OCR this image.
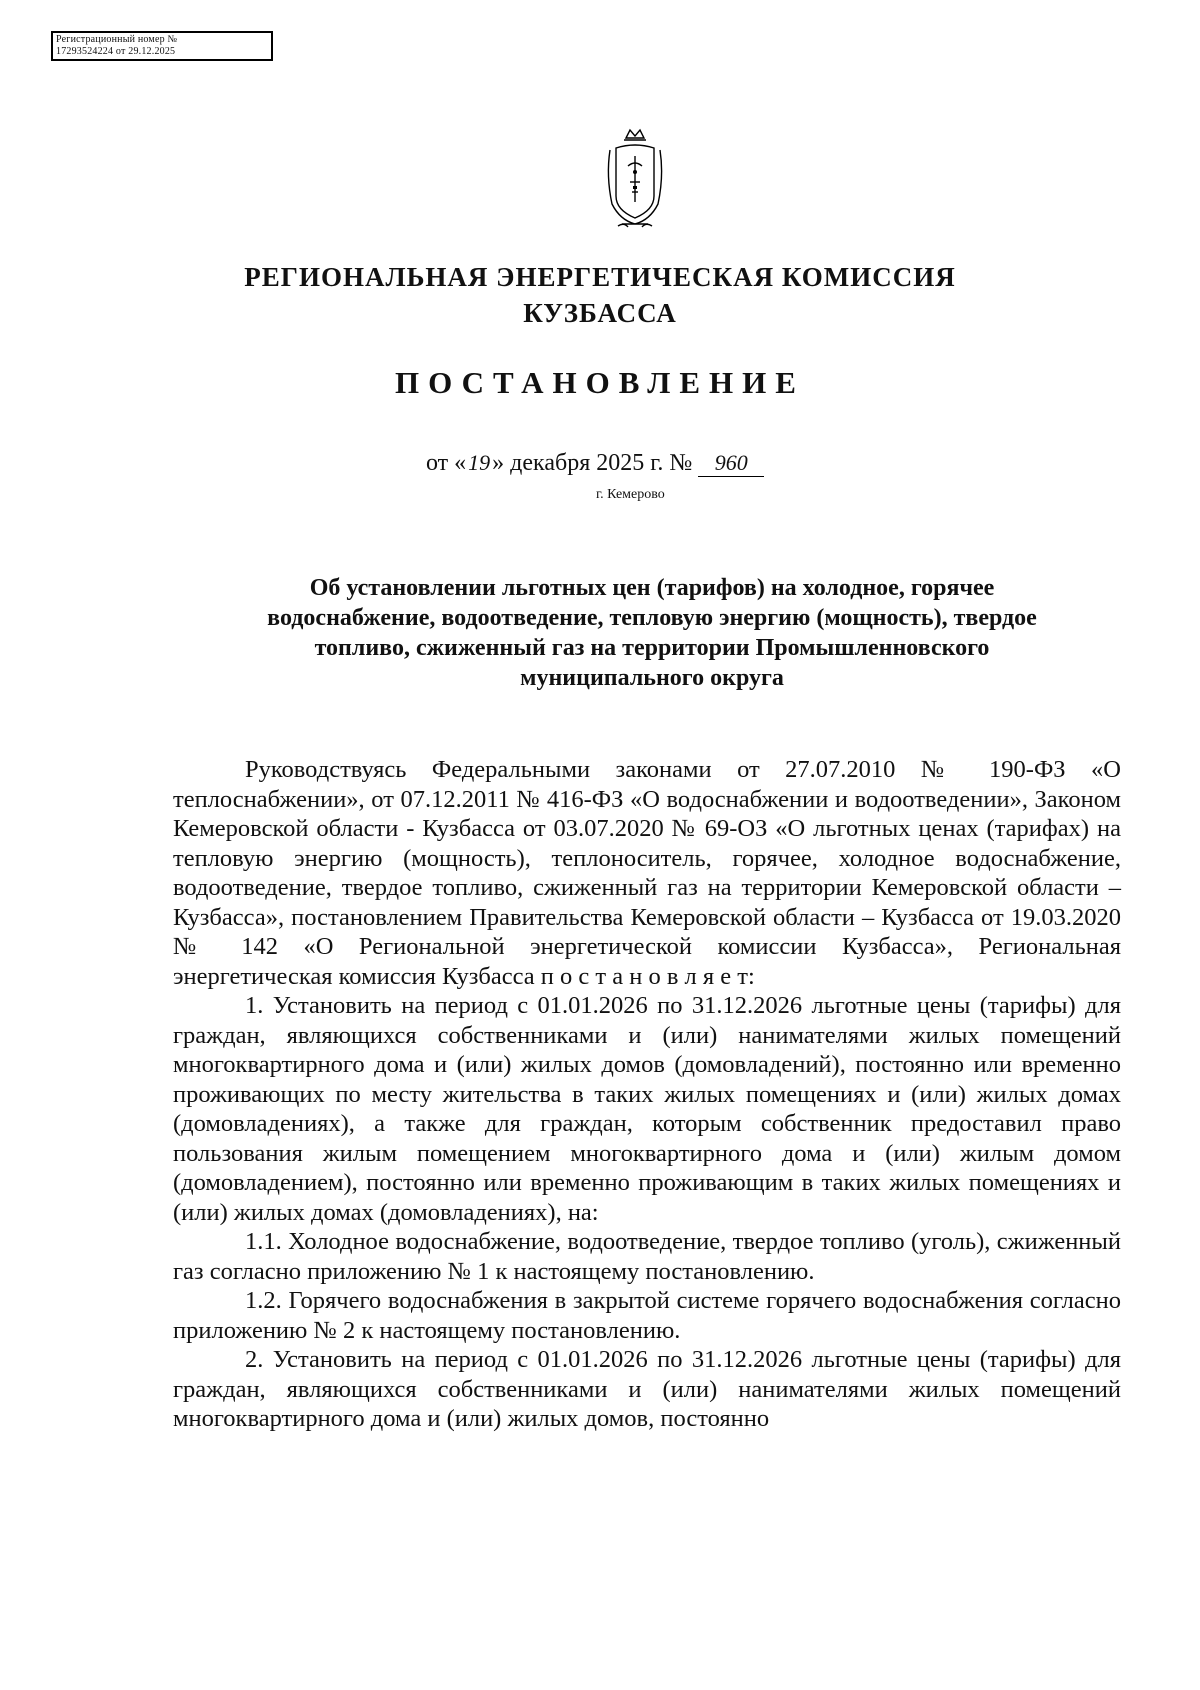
Регистрационный номер №
17293524224 от 29.12.2025
РЕГИОНАЛЬНАЯ ЭНЕРГЕТИЧЕСКАЯ КОМИССИЯ
КУЗБАССА
ПОСТАНОВЛЕНИЕ
от «19» декабря 2025 г. № 960
г. Кемерово
Об установлении льготных цен (тарифов) на холодное, горячее
водоснабжение, водоотведение, тепловую энергию (мощность), твердое
топливо, сжиженный газ на территории Промышленновского
муниципального округа

Руководствуясь Федеральными законами от 27.07.2010 № 190-ФЗ «О теплоснабжении», от 07.12.2011 № 416-ФЗ «О водоснабжении и водоотведении», Законом Кемеровской области - Кузбасса от 03.07.2020 № 69-ОЗ «О льготных ценах (тарифах) на тепловую энергию (мощность), теплоноситель, горячее, холодное водоснабжение, водоотведение, твердое топливо, сжиженный газ на территории Кемеровской области – Кузбасса», постановлением Правительства Кемеровской области – Кузбасса от 19.03.2020 № 142 «О Региональной энергетической комиссии Кузбасса», Региональная энергетическая комиссия Кузбасса п о с т а н о в л я е т:

1. Установить на период с 01.01.2026 по 31.12.2026 льготные цены (тарифы) для граждан, являющихся собственниками и (или) нанимателями жилых помещений многоквартирного дома и (или) жилых домов (домовладений), постоянно или временно проживающих по месту жительства в таких жилых помещениях и (или) жилых домах (домовладениях), а также для граждан, которым собственник предоставил право пользования жилым помещением многоквартирного дома и (или) жилым домом (домовладением), постоянно или временно проживающим в таких жилых помещениях и (или) жилых домах (домовладениях), на:

1.1. Холодное водоснабжение, водоотведение, твердое топливо (уголь), сжиженный газ согласно приложению № 1 к настоящему постановлению.

1.2. Горячего водоснабжения в закрытой системе горячего водоснабжения согласно приложению № 2 к настоящему постановлению.

2. Установить на период с 01.01.2026 по 31.12.2026 льготные цены (тарифы) для граждан, являющихся собственниками и (или) нанимателями жилых помещений многоквартирного дома и (или) жилых домов, постоянно
